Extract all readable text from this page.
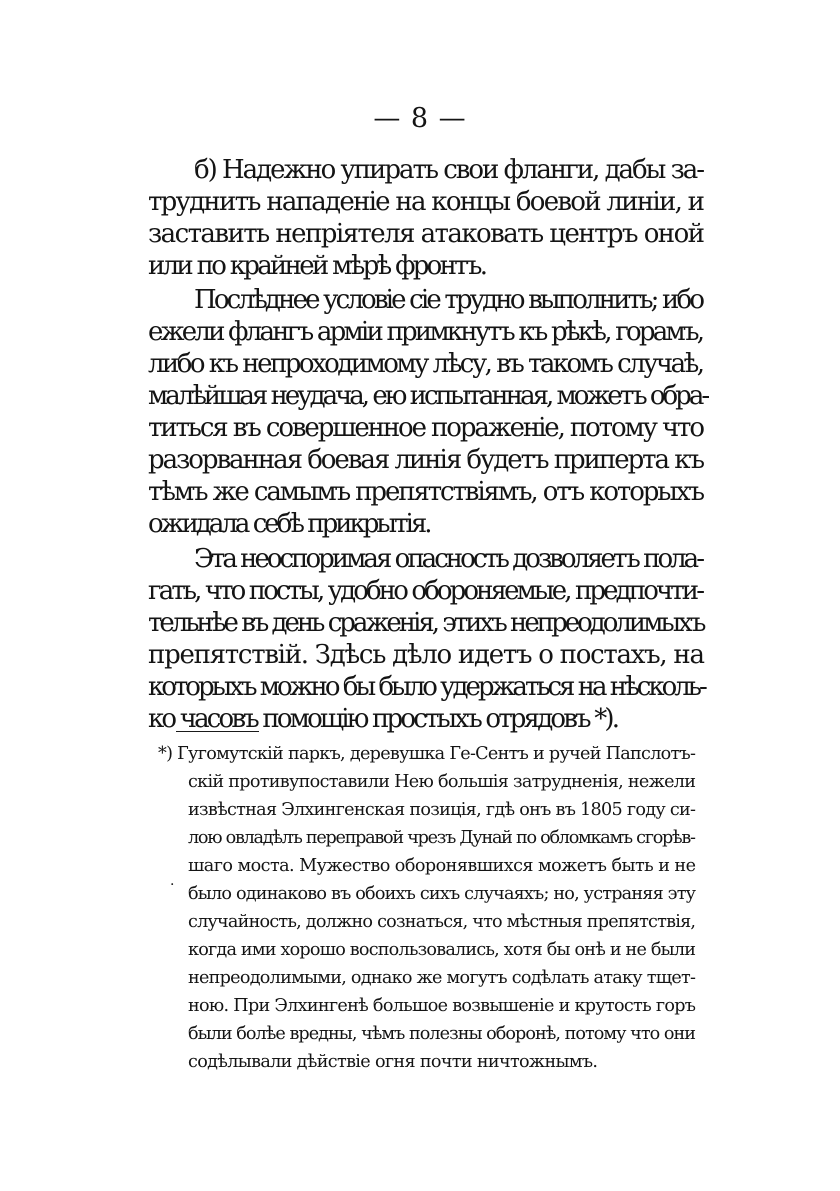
— 8 —

б) Надежно упирать свои фланги, дабы за-

труднить нападеніе на концы боевой линіи, и

заставить непріятеля атаковать центръ оной

или по крайней мѣрѣ фронтъ.

Послѣднее условіе сіе трудно выполнить; ибо

ежели флангъ арміи примкнутъ къ рѣкѣ, горамъ,

либо къ непроходимому лѣсу, въ такомъ случаѣ,

малѣйшая неудача, ею испытанная, можетъ обра-

титься въ совершенное пораженіе, потому что

разорванная боевая линія будетъ приперта къ

тѣмъ же самымъ препятствіямъ, отъ которыхъ

ожидала себѣ прикрытія.

Эта неоспоримая опасность дозволяетъ пола-

гать, что посты, удобно обороняемые, предпочти-

тельнѣе въ день сраженія, этихъ непреодолимыхъ

препятствій. Здѣсь дѣло идетъ о постахъ, на

которыхъ можно бы было удержаться на нѣсколь-

ко часовъ помощію простыхъ отрядовъ *).

*) Гугомутскій паркъ, деревушка Ге-Сентъ и ручей Папслотъ-

скій противупоставили Нею большія затрудненія, нежели

извѣстная Элхингенская позиція, гдѣ онъ въ 1805 году си-

лою овладѣлъ переправой чрезъ Дунай по обломкамъ сгорѣв-

шаго моста. Мужество оборонявшихся можетъ быть и не

было одинаково въ обоихъ сихъ случаяхъ; но, устраняя эту

случайность, должно сознаться, что мѣстныя препятствія,

когда ими хорошо воспользовались, хотя бы онѣ и не были

непреодолимыми, однако же могутъ содѣлать атаку тщет-

ною. При Элхингенѣ большое возвышеніе и крутость горъ

были болѣе вредны, чѣмъ полезны оборонѣ, потому что они

содѣлывали дѣйствіе огня почти ничтожнымъ.

·
